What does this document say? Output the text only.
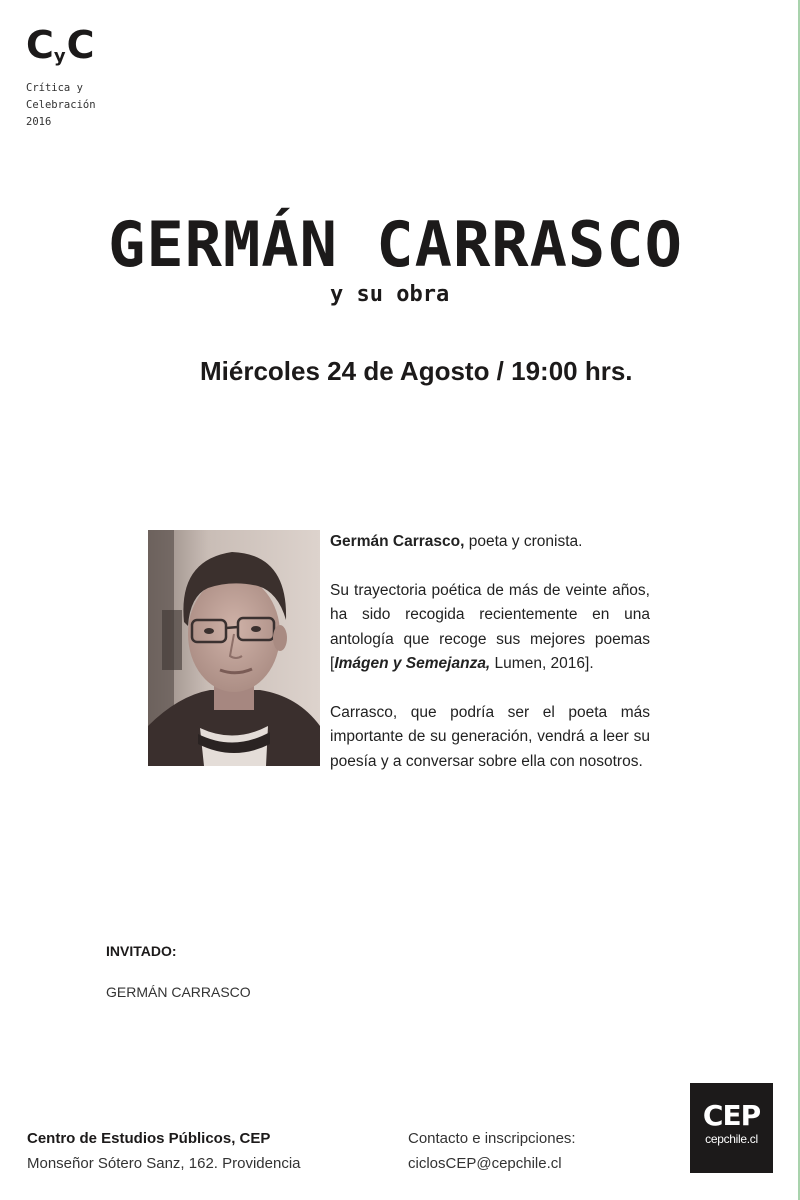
CyC
Crítica y
Celebración
2016
GERMÁN CARRASCO
y su obra
Miércoles 24 de Agosto / 19:00 hrs.

Germán Carrasco, poeta y cronista.

Su trayectoria poética de más de veinte años, ha sido recogida recientemente en una antología que recoge sus mejores poemas [Imágen y Semejanza, Lumen, 2016].

Carrasco, que podría ser el poeta más importante de su generación, vendrá a leer su poesía y a conversar sobre ella con nosotros.

INVITADO:
GERMÁN CARRASCO
Centro de Estudios Públicos, CEP
Monseñor Sótero Sanz, 162. Providencia
Contacto e inscripciones:
ciclosCEP@cepchile.cl
CEP
cepchile.cl
